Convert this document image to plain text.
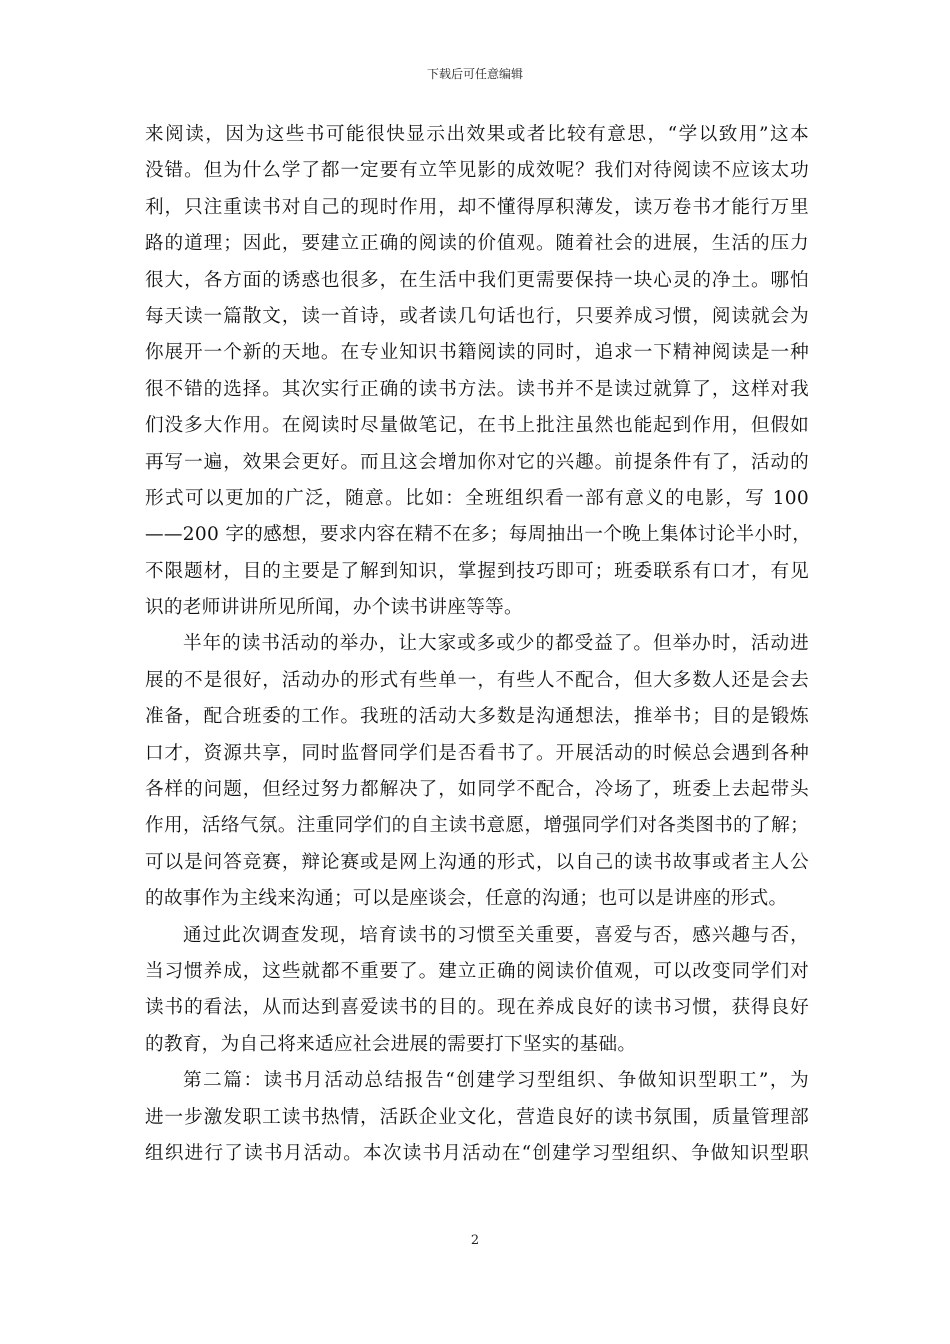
下载后可任意编辑

来阅读，因为这些书可能很快显示出效果或者比较有意思，“学以致用”这本
没错。但为什么学了都一定要有立竿见影的成效呢？我们对待阅读不应该太功
利，只注重读书对自己的现时作用，却不懂得厚积薄发，读万卷书才能行万里
路的道理；因此，要建立正确的阅读的价值观。随着社会的进展，生活的压力
很大，各方面的诱惑也很多，在生活中我们更需要保持一块心灵的净土。哪怕
每天读一篇散文，读一首诗，或者读几句话也行，只要养成习惯，阅读就会为
你展开一个新的天地。在专业知识书籍阅读的同时，追求一下精神阅读是一种
很不错的选择。其次实行正确的读书方法。读书并不是读过就算了，这样对我
们没多大作用。在阅读时尽量做笔记，在书上批注虽然也能起到作用，但假如
再写一遍，效果会更好。而且这会增加你对它的兴趣。前提条件有了，活动的
形式可以更加的广泛，随意。比如：全班组织看一部有意义的电影，写 100
——200 字的感想，要求内容在精不在多；每周抽出一个晚上集体讨论半小时，
不限题材，目的主要是了解到知识，掌握到技巧即可；班委联系有口才，有见
识的老师讲讲所见所闻，办个读书讲座等等。

半年的读书活动的举办，让大家或多或少的都受益了。但举办时，活动进
展的不是很好，活动办的形式有些单一，有些人不配合，但大多数人还是会去
准备，配合班委的工作。我班的活动大多数是沟通想法，推举书；目的是锻炼
口才，资源共享，同时监督同学们是否看书了。开展活动的时候总会遇到各种
各样的问题，但经过努力都解决了，如同学不配合，冷场了，班委上去起带头
作用，活络气氛。注重同学们的自主读书意愿，增强同学们对各类图书的了解；
可以是问答竞赛，辩论赛或是网上沟通的形式，以自己的读书故事或者主人公
的故事作为主线来沟通；可以是座谈会，任意的沟通；也可以是讲座的形式。

通过此次调查发现，培育读书的习惯至关重要，喜爱与否，感兴趣与否，
当习惯养成，这些就都不重要了。建立正确的阅读价值观，可以改变同学们对
读书的看法，从而达到喜爱读书的目的。现在养成良好的读书习惯，获得良好
的教育，为自己将来适应社会进展的需要打下坚实的基础。

第二篇：读书月活动总结报告“创建学习型组织、争做知识型职工”，为
进一步激发职工读书热情，活跃企业文化，营造良好的读书氛围，质量管理部
组织进行了读书月活动。本次读书月活动在“创建学习型组织、争做知识型职

2
